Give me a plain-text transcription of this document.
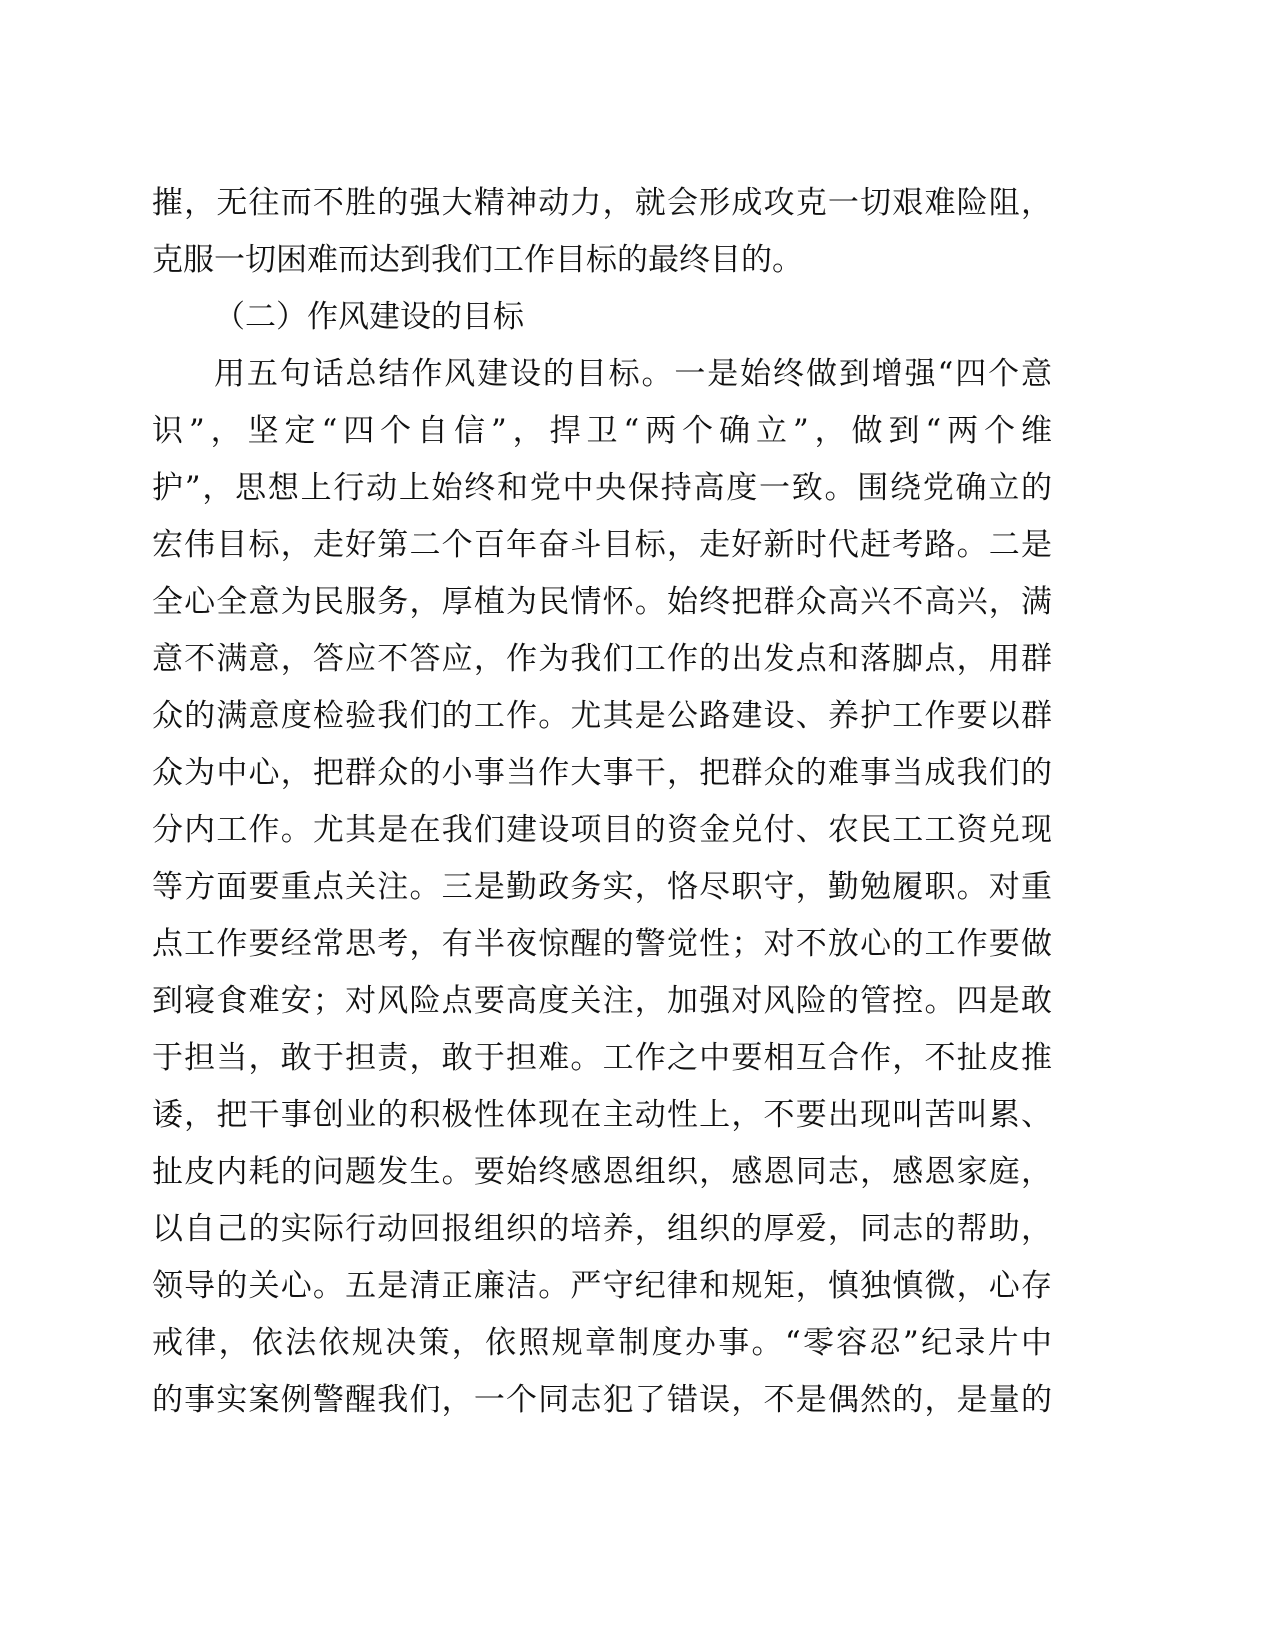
摧，无往而不胜的强大精神动力，就会形成攻克一切艰难险阻，
克服一切困难而达到我们工作目标的最终目的。
（二）作风建设的目标
用五句话总结作风建设的目标。一是始终做到增强“四个意
识”，坚定“四个自信”，捍卫“两个确立”，做到“两个维
护”，思想上行动上始终和党中央保持高度一致。围绕党确立的
宏伟目标，走好第二个百年奋斗目标，走好新时代赶考路。二是
全心全意为民服务，厚植为民情怀。始终把群众高兴不高兴，满
意不满意，答应不答应，作为我们工作的出发点和落脚点，用群
众的满意度检验我们的工作。尤其是公路建设、养护工作要以群
众为中心，把群众的小事当作大事干，把群众的难事当成我们的
分内工作。尤其是在我们建设项目的资金兑付、农民工工资兑现
等方面要重点关注。三是勤政务实，恪尽职守，勤勉履职。对重
点工作要经常思考，有半夜惊醒的警觉性；对不放心的工作要做
到寝食难安；对风险点要高度关注，加强对风险的管控。四是敢
于担当，敢于担责，敢于担难。工作之中要相互合作，不扯皮推
诿，把干事创业的积极性体现在主动性上，不要出现叫苦叫累、
扯皮内耗的问题发生。要始终感恩组织，感恩同志，感恩家庭，
以自己的实际行动回报组织的培养，组织的厚爱，同志的帮助，
领导的关心。五是清正廉洁。严守纪律和规矩，慎独慎微，心存
戒律，依法依规决策，依照规章制度办事。“零容忍”纪录片中
的事实案例警醒我们，一个同志犯了错误，不是偶然的，是量的
